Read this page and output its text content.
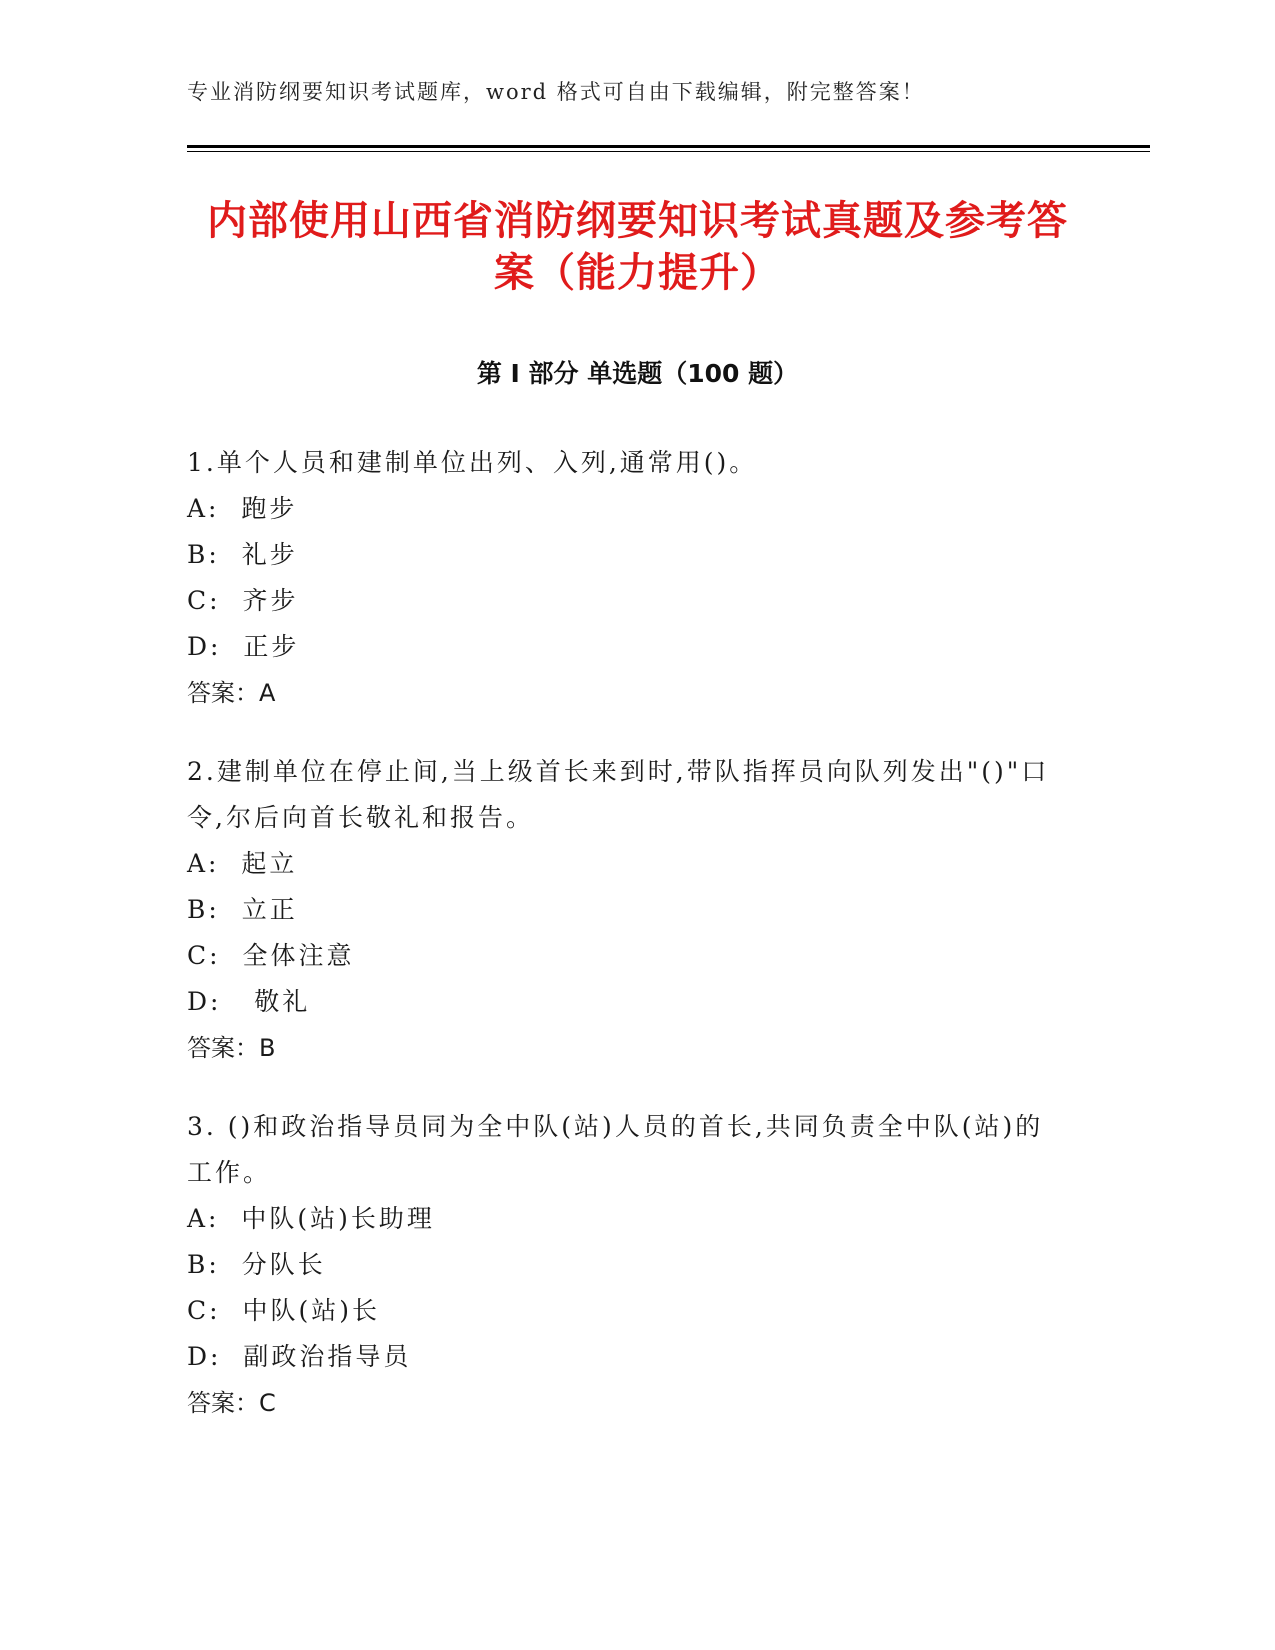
专业消防纲要知识考试题库，word 格式可自由下载编辑，附完整答案！
内部使用山西省消防纲要知识考试真题及参考答案（能力提升）
第 I 部分 单选题（100 题）

1.单个人员和建制单位出列、入列,通常用()。

A:  跑步

B:  礼步

C:  齐步

D:  正步

答案：A

2.建制单位在停止间,当上级首长来到时,带队指挥员向队列发出"()"口令,尔后向首长敬礼和报告。

A:  起立

B:  立正

C:  全体注意

D:   敬礼

答案：B

3. ()和政治指导员同为全中队(站)人员的首长,共同负责全中队(站)的工作。

A:  中队(站)长助理

B:  分队长

C:  中队(站)长

D:  副政治指导员

答案：C
